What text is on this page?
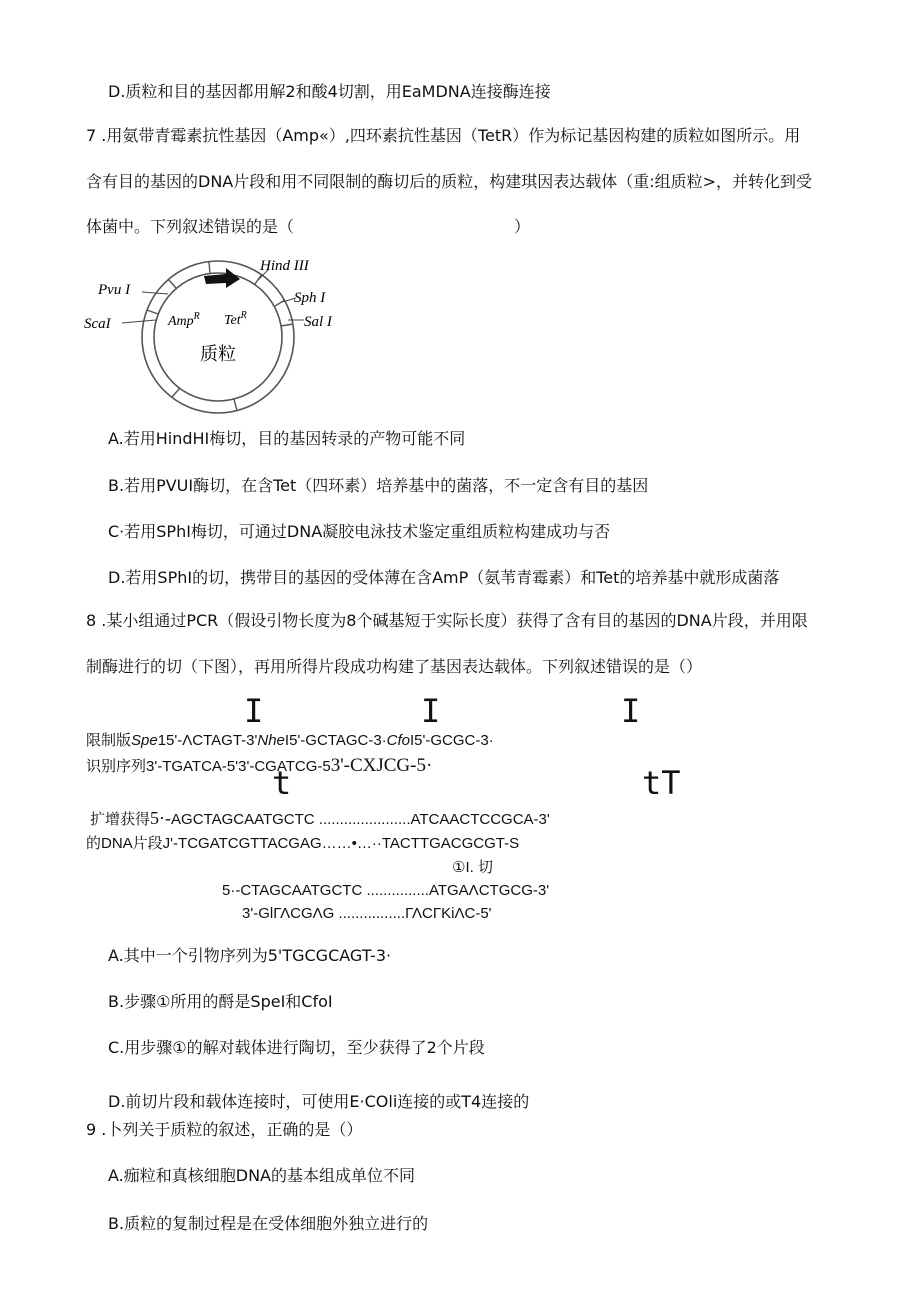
D.质粒和目的基因都用解2和酸4切割，用EaMDNA连接酶连接
7 .用氨带青霉素抗性基因（Amp«）,四环素抗性基因（TetR）作为标记基因构建的质粒如图所示。用
含有目的基因的DNA片段和用不同限制的酶切后的质粒，构建琪因表达载体（重:组质粒>，并转化到受
体菌中。下列叙述错误的是（	）
Pvu I
ScaI
Hind III
Sph I
Sal I
Amp$^R$ Tet$^R$
质粒
A.若用HindHI梅切，目的基因转录的产物可能不同
B.若用PVUI酶切，在含Tet（四环素）培养基中的菌落，不一定含有目的基因
C·若用SPhI梅切，可通过DNA凝胶电泳技术鉴定重组质粒构建成功与否
D.若用SPhI的切，携带目的基因的受体薄在含AmP（氨苇青霉素）和Tet的培养基中就形成菌落
8 .某小组通过PCR（假设引物长度为8个碱基短于实际长度）获得了含有目的基因的DNA片段，并用限
制酶进行的切（下图），再用所得片段成功构建了基因表达载体。下列叙述错误的是（）
I	I	I
限制版Spe15'-ΛCTAGT-3'NheI5'-GCTAGC-3·CfoI5'-GCGC-3·
识别序列3'-TGATCA-5'3'-CGATCG-53'-CXJCG-5·
t	tT
扩增获得5·-AGCTAGCAATGCTC ......................ATCAACTCCGCA-3'
的DNA片段J'-TCGATCGTTACGAG……•…··TACTTGACGCGT-S
①I. 切
5·-CTAGCAATGCTC ...............ATGAΛCTGCG-3'
3'-GlΓΛCGΛG ................ΓΛCΓKiΛC-5'
A.其中一个引物序列为5'TGCGCAGT-3·
B.步骤①所用的酹是SpeI和CfoI
C.用步骤①的解对载体进行陶切，至少获得了2个片段
D.前切片段和载体连接时，可使用E·COli连接的或T4连接的
9 .卜列关于质粒的叙述，正确的是（）
A.痂粒和真核细胞DNA的基本组成单位不同
B.质粒的复制过程是在受体细胞外独立进行的
